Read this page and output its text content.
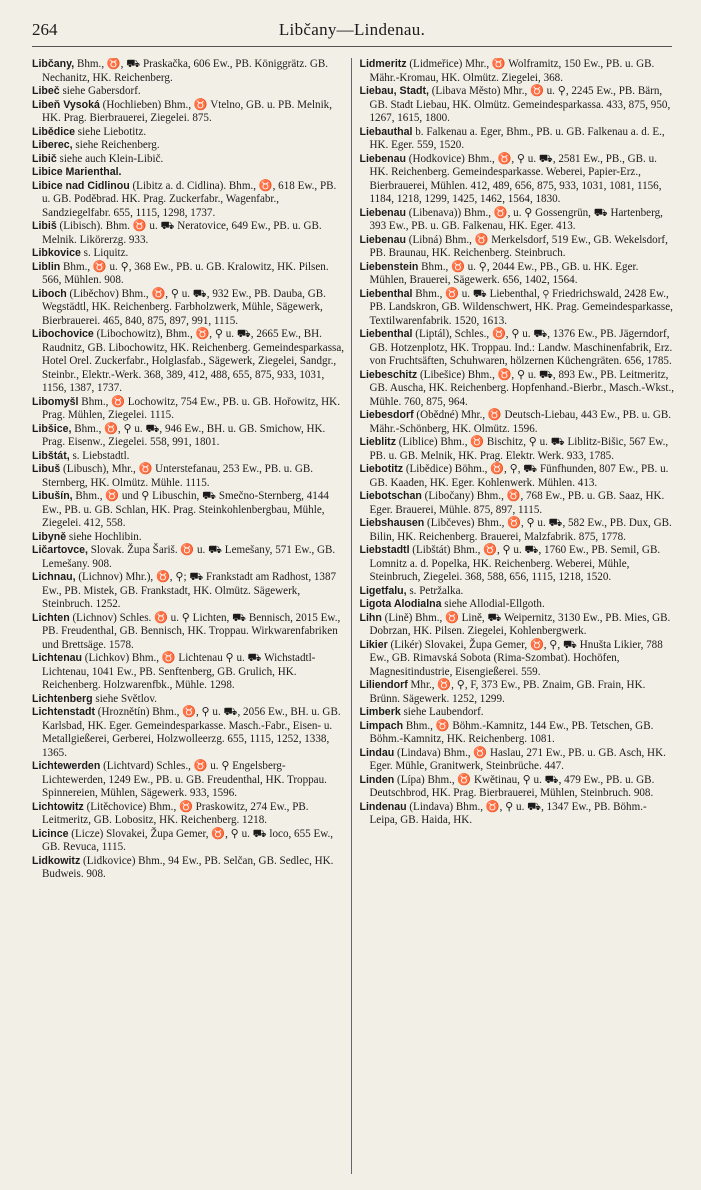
264	Libčany—Lindenau.

Libčany, Bhm., ♉, ⛟ Praskačka, 606 Ew., PB. Königgrätz. GB. Nechanitz, HK. Reichenberg.

Libeč siehe Gabersdorf.

Libeň Vysoká (Hochlieben) Bhm., ♉ Vtelno, GB. u. PB. Melnik, HK. Prag. Bierbrauerei, Ziegelei. 875.

Libědice siehe Liebotitz.

Liberec, siehe Reichenberg.

Libič siehe auch Klein-Libič.

Libice Marienthal.

Libice nad Cidlinou (Libitz a. d. Cidlina). Bhm., ♉, 618 Ew., PB. u. GB. Poděbrad. HK. Prag. Zuckerfabr., Wagenfabr., Sandziegelfabr. 655, 1115, 1298, 1737.

Libiš (Libisch). Bhm. ♉ u. ⛟ Neratovice, 649 Ew., PB. u. GB. Melnik. Likörerzg. 933.

Libkovice s. Liquitz.

Liblin Bhm., ♉ u. ⚲, 368 Ew., PB. u. GB. Kralowitz, HK. Pilsen. 566, Mühlen. 908.

Liboch (Liběchov) Bhm., ♉, ⚲ u. ⛟, 932 Ew., PB. Dauba, GB. Wegstädtl, HK. Reichenberg. Farbholzwerk, Mühle, Sägewerk, Bierbrauerei. 465, 840, 875, 897, 991, 1115.

Libochovice (Libochowitz), Bhm., ♉, ⚲ u. ⛟, 2665 Ew., BH. Raudnitz, GB. Libochowitz, HK. Reichenberg. Gemeindesparkassa, Hotel Orel. Zuckerfabr., Holglasfab., Sägewerk, Ziegelei, Sandgr., Steinbr., Elektr.-Werk. 368, 389, 412, 488, 655, 875, 933, 1031, 1156, 1387, 1737.

Libomyšl Bhm., ♉ Lochowitz, 754 Ew., PB. u. GB. Hořowitz, HK. Prag. Mühlen, Ziegelei. 1115.

Libšice, Bhm., ♉, ⚲ u. ⛟, 946 Ew., BH. u. GB. Smichow, HK. Prag. Eisenw., Ziegelei. 558, 991, 1801.

Libštát, s. Liebstadtl.

Libuš (Libusch), Mhr., ♉ Unterstefanau, 253 Ew., PB. u. GB. Sternberg, HK. Olmütz. Mühle. 1115.

Libušín, Bhm., ♉ und ⚲ Libuschin, ⛟ Smečno-Sternberg, 4144 Ew., PB. u. GB. Schlan, HK. Prag. Steinkohlenbergbau, Mühle, Ziegelei. 412, 558.

Libyně siehe Hochlibin.

Ličartovce, Slovak. Župa Šariš. ♉ u. ⛟ Lemešany, 571 Ew., GB. Lemešany. 908.

Lichnau, (Lichnov) Mhr.), ♉, ⚲; ⛟ Frankstadt am Radhost, 1387 Ew., PB. Mistek, GB. Frankstadt, HK. Olmütz. Sägewerk, Steinbruch. 1252.

Lichten (Lichnov) Schles. ♉ u. ⚲ Lichten, ⛟ Bennisch, 2015 Ew., PB. Freudenthal, GB. Bennisch, HK. Troppau. Wirkwarenfabriken und Brettsäge. 1578.

Lichtenau (Lichkov) Bhm., ♉ Lichtenau ⚲ u. ⛟ Wichstadtl-Lichtenau, 1041 Ew., PB. Senftenberg, GB. Grulich, HK. Reichenberg. Holzwarenfbk., Mühle. 1298.

Lichtenberg siehe Světlov.

Lichtenstadt (Hroznětín) Bhm., ♉, ⚲ u. ⛟, 2056 Ew., BH. u. GB. Karlsbad, HK. Eger. Gemeindesparkasse. Masch.-Fabr., Eisen- u. Metallgießerei, Gerberei, Holzwolleerzg. 655, 1115, 1252, 1338, 1365.

Lichtewerden (Lichtvard) Schles., ♉ u. ⚲ Engelsberg-Lichtewerden, 1249 Ew., PB. u. GB. Freudenthal, HK. Troppau. Spinnereien, Mühlen, Sägewerk. 933, 1596.

Lichtowitz (Litěchovice) Bhm., ♉ Praskowitz, 274 Ew., PB. Leitmeritz, GB. Lobositz, HK. Reichenberg. 1218.

Licince (Licze) Slovakei, Župa Gemer, ♉, ⚲ u. ⛟ loco, 655 Ew., GB. Revuca, 1115.

Lidkowitz (Lidkovice) Bhm., 94 Ew., PB. Selčan, GB. Sedlec, HK. Budweis. 908.

Lidmeritz (Lidmeřice) Mhr., ♉ Wolframitz, 150 Ew., PB. u. GB. Mähr.-Kromau, HK. Olmütz. Ziegelei, 368.

Liebau, Stadt, (Libava Město) Mhr., ♉ u. ⚲, 2245 Ew., PB. Bärn, GB. Stadt Liebau, HK. Olmütz. Gemeindesparkassa. 433, 875, 950, 1267, 1615, 1800.

Liebauthal b. Falkenau a. Eger, Bhm., PB. u. GB. Falkenau a. d. E., HK. Eger. 559, 1520.

Liebenau (Hodkovice) Bhm., ♉, ⚲ u. ⛟, 2581 Ew., PB., GB. u. HK. Reichenberg. Gemeindesparkasse. Weberei, Papier-Erz., Bierbrauerei, Mühlen. 412, 489, 656, 875, 933, 1031, 1081, 1156, 1184, 1218, 1299, 1425, 1462, 1564, 1830.

Liebenau (Libenava)) Bhm., ♉, u. ⚲ Gossengrün, ⛟ Hartenberg, 393 Ew., PB. u. GB. Falkenau, HK. Eger. 413.

Liebenau (Libná) Bhm., ♉ Merkelsdorf, 519 Ew., GB. Wekelsdorf, PB. Braunau, HK. Reichenberg. Steinbruch.

Liebenstein Bhm., ♉ u. ⚲, 2044 Ew., PB., GB. u. HK. Eger. Mühlen, Brauerei, Sägewerk. 656, 1402, 1564.

Liebenthal Bhm., ♉ u. ⛟ Liebenthal, ⚲ Friedrichswald, 2428 Ew., PB. Landskron, GB. Wildenschwert, HK. Prag. Gemeindesparkasse, Textilwarenfabrik. 1520, 1613.

Liebenthal (Liptál), Schles., ♉, ⚲ u. ⛟, 1376 Ew., PB. Jägerndorf, GB. Hotzenplotz, HK. Troppau. Ind.: Landw. Maschinenfabrik, Erz. von Fruchtsäften, Schuhwaren, hölzernen Küchengräten. 656, 1785.

Liebeschitz (Libešice) Bhm., ♉, ⚲ u. ⛟, 893 Ew., PB. Leitmeritz, GB. Auscha, HK. Reichenberg. Hopfenhand.-Bierbr., Masch.-Wkst., Mühle. 760, 875, 964.

Liebesdorf (Obědné) Mhr., ♉ Deutsch-Liebau, 443 Ew., PB. u. GB. Mähr.-Schönberg, HK. Olmütz. 1596.

Lieblitz (Liblice) Bhm., ♉ Bischitz, ⚲ u. ⛟ Liblitz-Bišic, 567 Ew., PB. u. GB. Melnik, HK. Prag. Elektr. Werk. 933, 1785.

Liebotitz (Libědice) Böhm., ♉, ⚲, ⛟ Fünfhunden, 807 Ew., PB. u. GB. Kaaden, HK. Eger. Kohlenwerk. Mühlen. 413.

Liebotschan (Libočany) Bhm., ♉, 768 Ew., PB. u. GB. Saaz, HK. Eger. Brauerei, Mühle. 875, 897, 1115.

Liebshausen (Libčeves) Bhm., ♉, ⚲ u. ⛟, 582 Ew., PB. Dux, GB. Bilin, HK. Reichenberg. Brauerei, Malzfabrik. 875, 1778.

Liebstadtl (Libštát) Bhm., ♉, ⚲ u. ⛟, 1760 Ew., PB. Semil, GB. Lomnitz a. d. Popelka, HK. Reichenberg. Weberei, Mühle, Steinbruch, Ziegelei. 368, 588, 656, 1115, 1218, 1520.

Ligetfalu, s. Petržalka.

Ligota Alodialna siehe Allodial-Ellgoth.

Lihn (Lině) Bhm., ♉ Lině, ⛟ Weipernitz, 3130 Ew., PB. Mies, GB. Dobrzan, HK. Pilsen. Ziegelei, Kohlenbergwerk.

Likier (Likér) Slovakei, Župa Gemer, ♉, ⚲, ⛟ Hnušta Likier, 788 Ew., GB. Rimavská Sobota (Rima-Szombat). Hochöfen, Magnesitindustrie, Eisengießerei. 559.

Liliendorf Mhr., ♉, ⚲, F, 373 Ew., PB. Znaim, GB. Frain, HK. Brünn. Sägewerk. 1252, 1299.

Limberk siehe Laubendorf.

Limpach Bhm., ♉ Böhm.-Kamnitz, 144 Ew., PB. Tetschen, GB. Böhm.-Kamnitz, HK. Reichenberg. 1081.

Lindau (Lindava) Bhm., ♉ Haslau, 271 Ew., PB. u. GB. Asch, HK. Eger. Mühle, Granitwerk, Steinbrüche. 447.

Linden (Lípa) Bhm., ♉ Kwětinau, ⚲ u. ⛟, 479 Ew., PB. u. GB. Deutschbrod, HK. Prag. Bierbrauerei, Mühlen, Steinbruch. 908.

Lindenau (Lindava) Bhm., ♉, ⚲ u. ⛟, 1347 Ew., PB. Böhm.-Leipa, GB. Haida, HK.
